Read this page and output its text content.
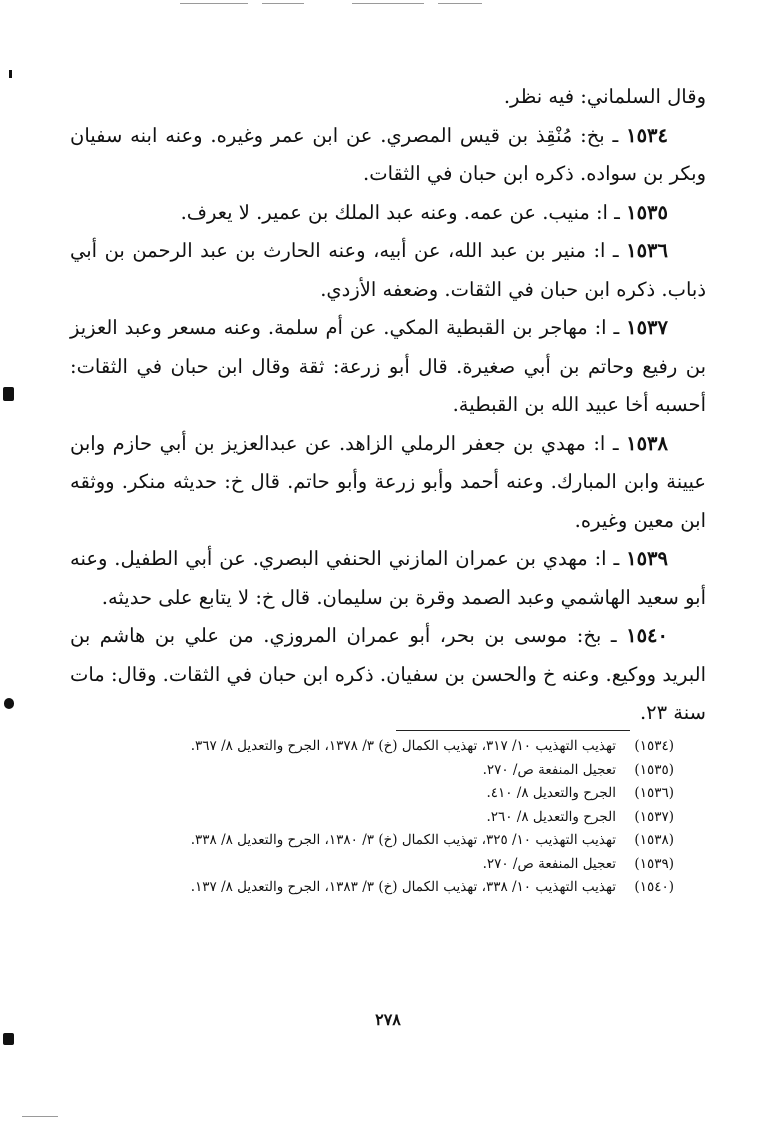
وقال السلماني: فيه نظر.

١٥٣٤ ـ بخ: مُنْقِذ بن قيس المصري. عن ابن عمر وغيره. وعنه ابنه سفيان وبكر بن سواده. ذكره ابن حبان في الثقات.

١٥٣٥ ـ ا: منيب. عن عمه. وعنه عبد الملك بن عمير. لا يعرف.

١٥٣٦ ـ ا: منير بن عبد الله، عن أبيه، وعنه الحارث بن عبد الرحمن بن أبي ذباب. ذكره ابن حبان في الثقات. وضعفه الأزدي.

١٥٣٧ ـ ا: مهاجر بن القبطية المكي. عن أم سلمة. وعنه مسعر وعبد العزيز بن رفيع وحاتم بن أبي صغيرة. قال أبو زرعة: ثقة وقال ابن حبان في الثقات: أحسبه أخا عبيد الله بن القبطية.

١٥٣٨ ـ ا: مهدي بن جعفر الرملي الزاهد. عن عبدالعزيز بن أبي حازم وابن عيينة وابن المبارك. وعنه أحمد وأبو زرعة وأبو حاتم. قال خ: حديثه منكر. ووثقه ابن معين وغيره.

١٥٣٩ ـ ا: مهدي بن عمران المازني الحنفي البصري. عن أبي الطفيل. وعنه أبو سعيد الهاشمي وعبد الصمد وقرة بن سليمان. قال خ: لا يتابع على حديثه.

١٥٤٠ ـ بخ: موسى بن بحر، أبو عمران المروزي. من علي بن هاشم بن البريد ووكيع. وعنه خ والحسن بن سفيان. ذكره ابن حبان في الثقات. وقال: مات سنة ٢٣.

(١٥٣٤)
تهذيب التهذيب ١٠/ ٣١٧، تهذيب الكمال (خ) ٣/ ١٣٧٨، الجرح والتعديل ٨/ ٣٦٧.
(١٥٣٥)
تعجيل المنفعة ص/ ٢٧٠.
(١٥٣٦)
الجرح والتعديل ٨/ ٤١٠.
(١٥٣٧)
الجرح والتعديل ٨/ ٢٦٠.
(١٥٣٨)
تهذيب التهذيب ١٠/ ٣٢٥، تهذيب الكمال (خ) ٣/ ١٣٨٠، الجرح والتعديل ٨/ ٣٣٨.
(١٥٣٩)
تعجيل المنفعة ص/ ٢٧٠.
(١٥٤٠)
تهذيب التهذيب ١٠/ ٣٣٨، تهذيب الكمال (خ) ٣/ ١٣٨٣، الجرح والتعديل ٨/ ١٣٧.
٢٧٨
